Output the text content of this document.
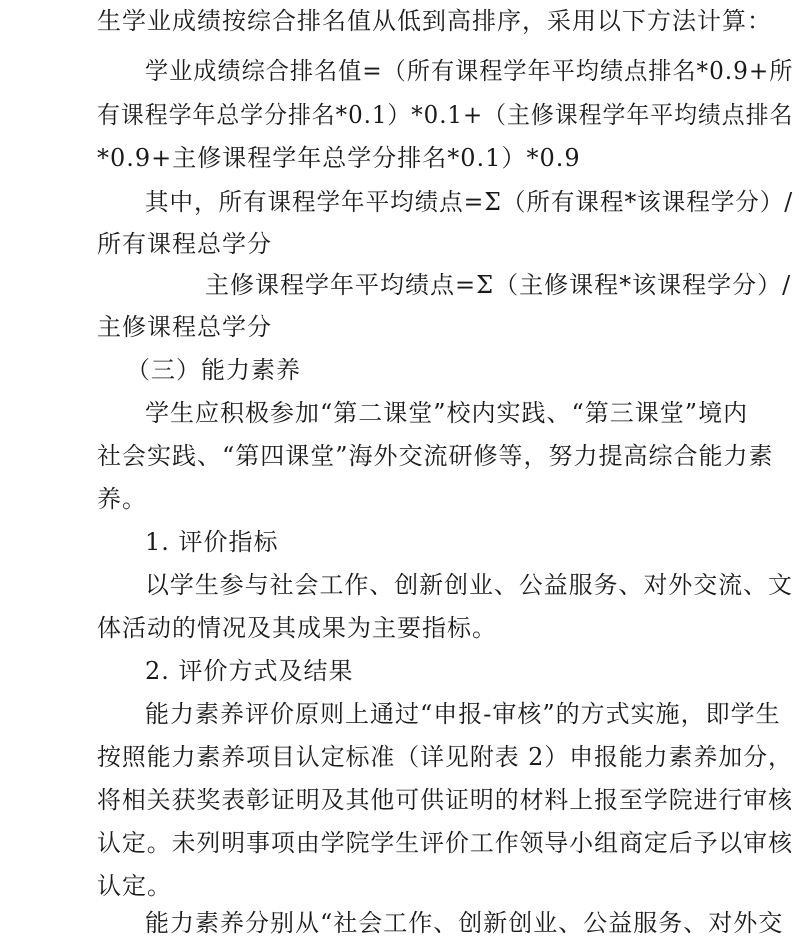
生学业成绩按综合排名值从低到高排序，采用以下方法计算：
学业成绩综合排名值=（所有课程学年平均绩点排名*0.9+所
有课程学年总学分排名*0.1）*0.1+（主修课程学年平均绩点排名
*0.9+主修课程学年总学分排名*0.1）*0.9
其中，所有课程学年平均绩点=Σ（所有课程*该课程学分）/
所有课程总学分
主修课程学年平均绩点=Σ（主修课程*该课程学分）/
主修课程总学分
（三）能力素养
学生应积极参加“第二课堂”校内实践、“第三课堂”境内
社会实践、“第四课堂”海外交流研修等，努力提高综合能力素
养。
1. 评价指标
以学生参与社会工作、创新创业、公益服务、对外交流、文
体活动的情况及其成果为主要指标。
2. 评价方式及结果
能力素养评价原则上通过“申报-审核”的方式实施，即学生
按照能力素养项目认定标准（详见附表 2）申报能力素养加分，
将相关获奖表彰证明及其他可供证明的材料上报至学院进行审核
认定。未列明事项由学院学生评价工作领导小组商定后予以审核
认定。
能力素养分别从“社会工作、创新创业、公益服务、对外交
